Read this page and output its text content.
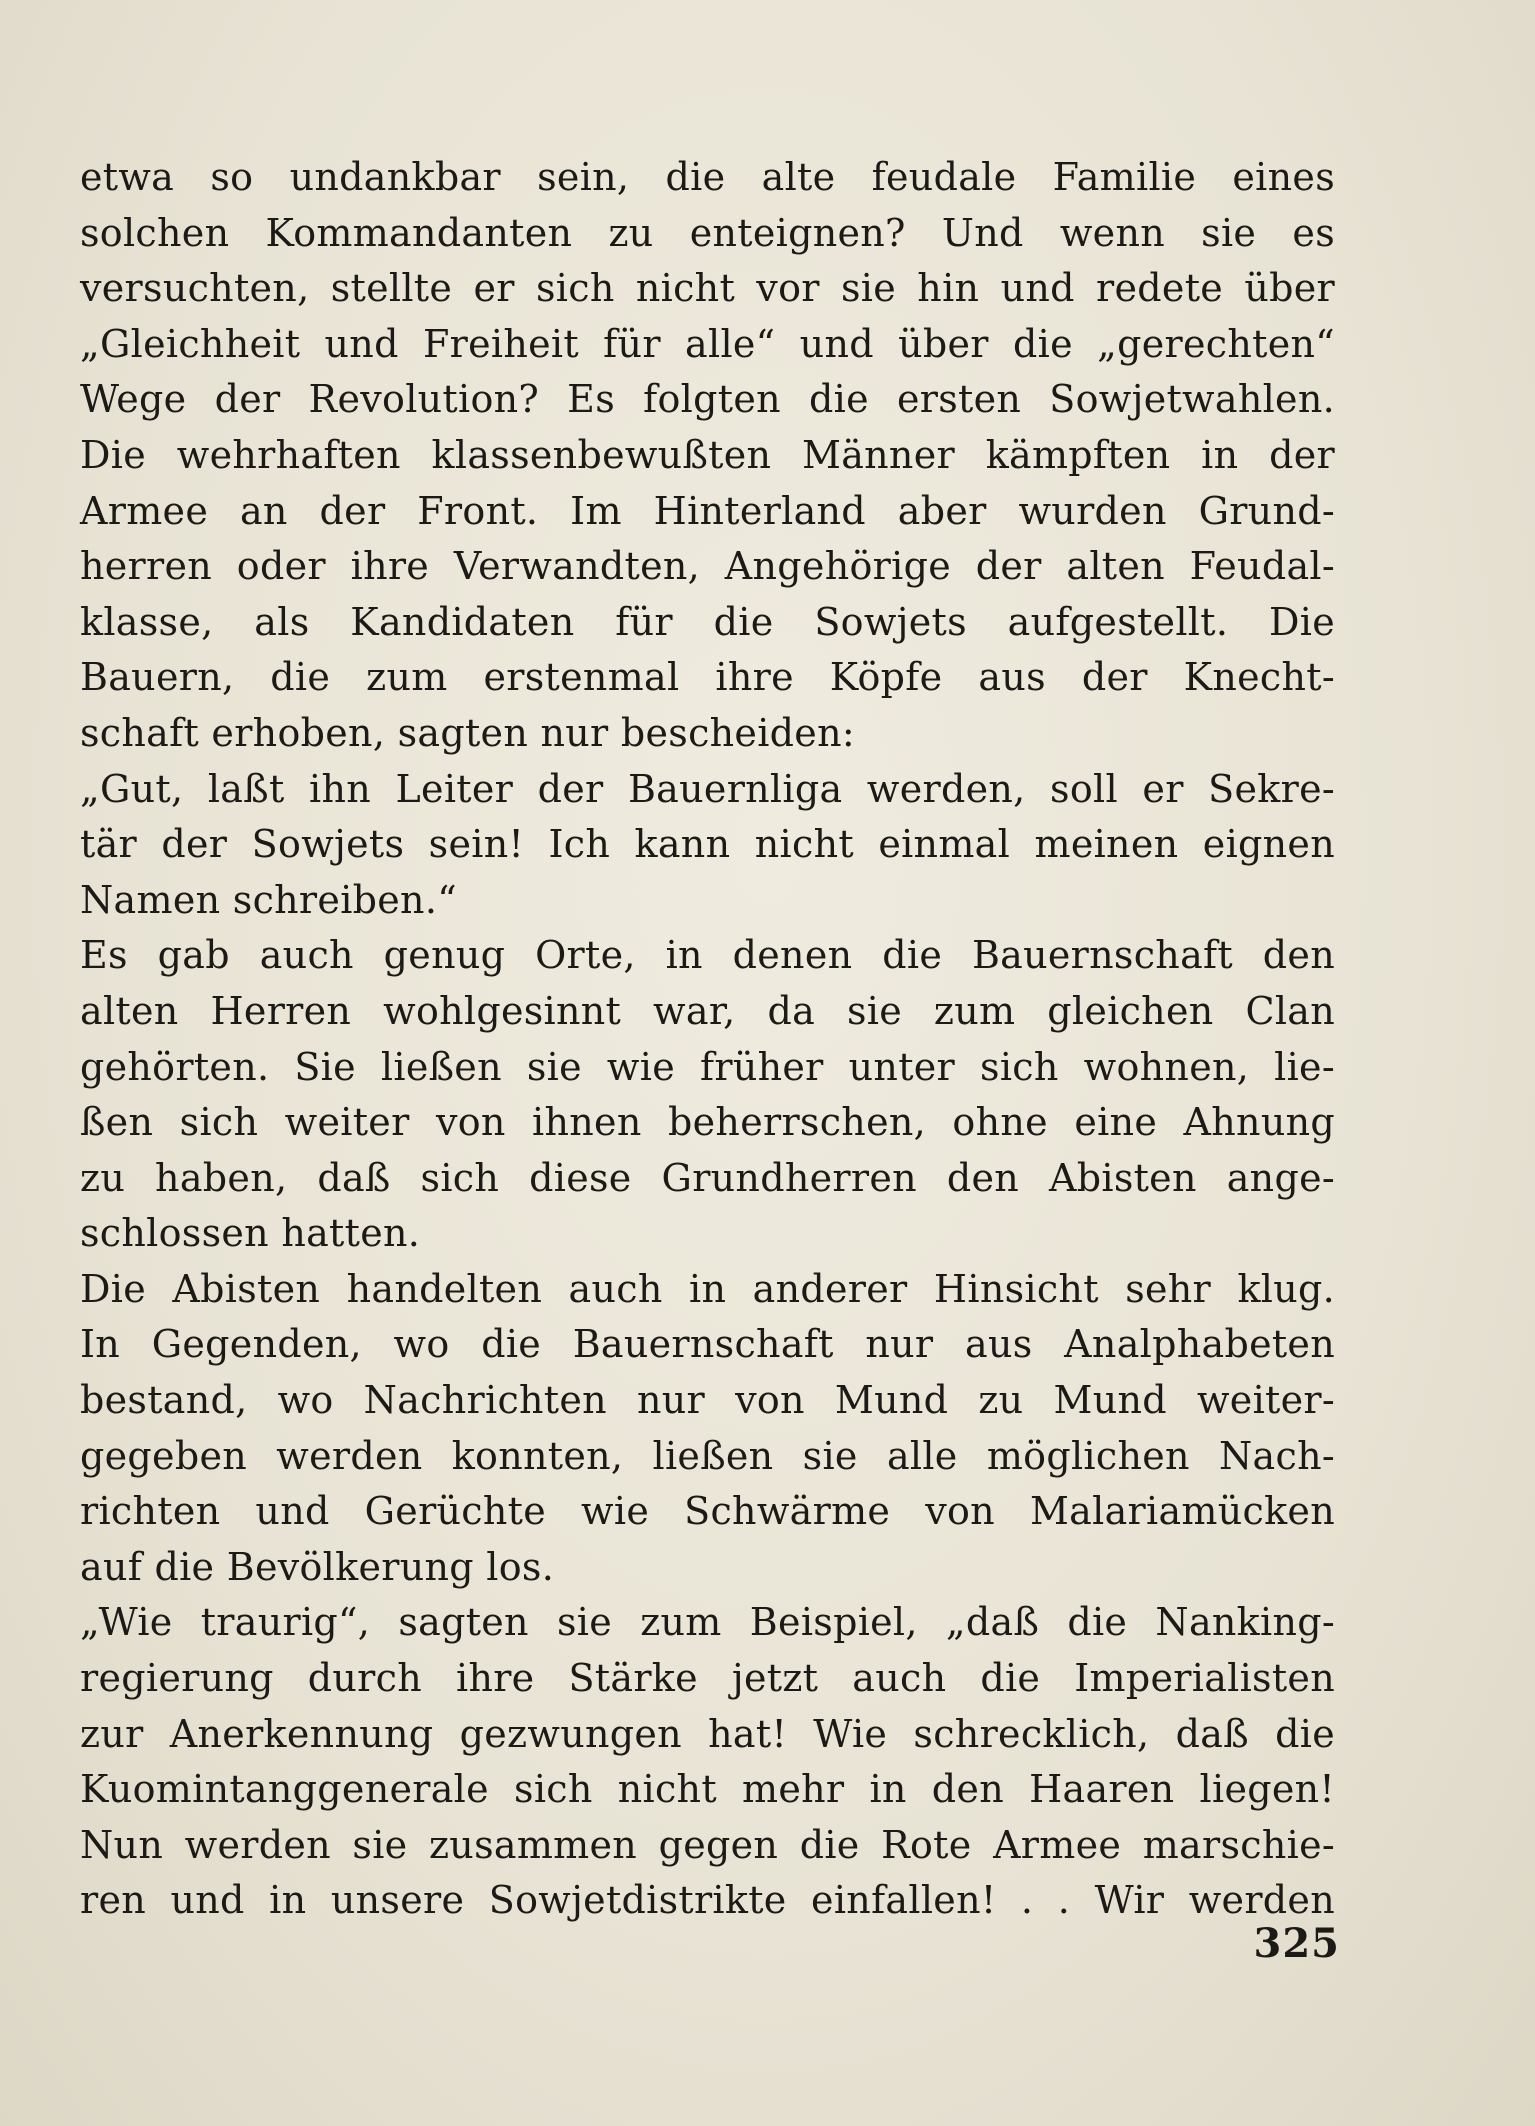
etwa so undankbar sein, die alte feudale Familie eines
solchen Kommandanten zu enteignen? Und wenn sie es
versuchten, stellte er sich nicht vor sie hin und redete über
„Gleichheit und Freiheit für alle“ und über die „gerechten“
Wege der Revolution? Es folgten die ersten Sowjetwahlen.
Die wehrhaften klassenbewußten Männer kämpften in der
Armee an der Front. Im Hinterland aber wurden Grund-
herren oder ihre Verwandten, Angehörige der alten Feudal-
klasse, als Kandidaten für die Sowjets aufgestellt. Die
Bauern, die zum erstenmal ihre Köpfe aus der Knecht-
schaft erhoben, sagten nur bescheiden:
„Gut, laßt ihn Leiter der Bauernliga werden, soll er Sekre-
tär der Sowjets sein! Ich kann nicht einmal meinen eignen
Namen schreiben.“
Es gab auch genug Orte, in denen die Bauernschaft den
alten Herren wohlgesinnt war, da sie zum gleichen Clan
gehörten. Sie ließen sie wie früher unter sich wohnen, lie-
ßen sich weiter von ihnen beherrschen, ohne eine Ahnung
zu haben, daß sich diese Grundherren den Abisten ange-
schlossen hatten.
Die Abisten handelten auch in anderer Hinsicht sehr klug.
In Gegenden, wo die Bauernschaft nur aus Analphabeten
bestand, wo Nachrichten nur von Mund zu Mund weiter-
gegeben werden konnten, ließen sie alle möglichen Nach-
richten und Gerüchte wie Schwärme von Malariamücken
auf die Bevölkerung los.
„Wie traurig“, sagten sie zum Beispiel, „daß die Nanking-
regierung durch ihre Stärke jetzt auch die Imperialisten
zur Anerkennung gezwungen hat! Wie schrecklich, daß die
Kuomintanggenerale sich nicht mehr in den Haaren liegen!
Nun werden sie zusammen gegen die Rote Armee marschie-
ren und in unsere Sowjetdistrikte einfallen! . . Wir werden
325
